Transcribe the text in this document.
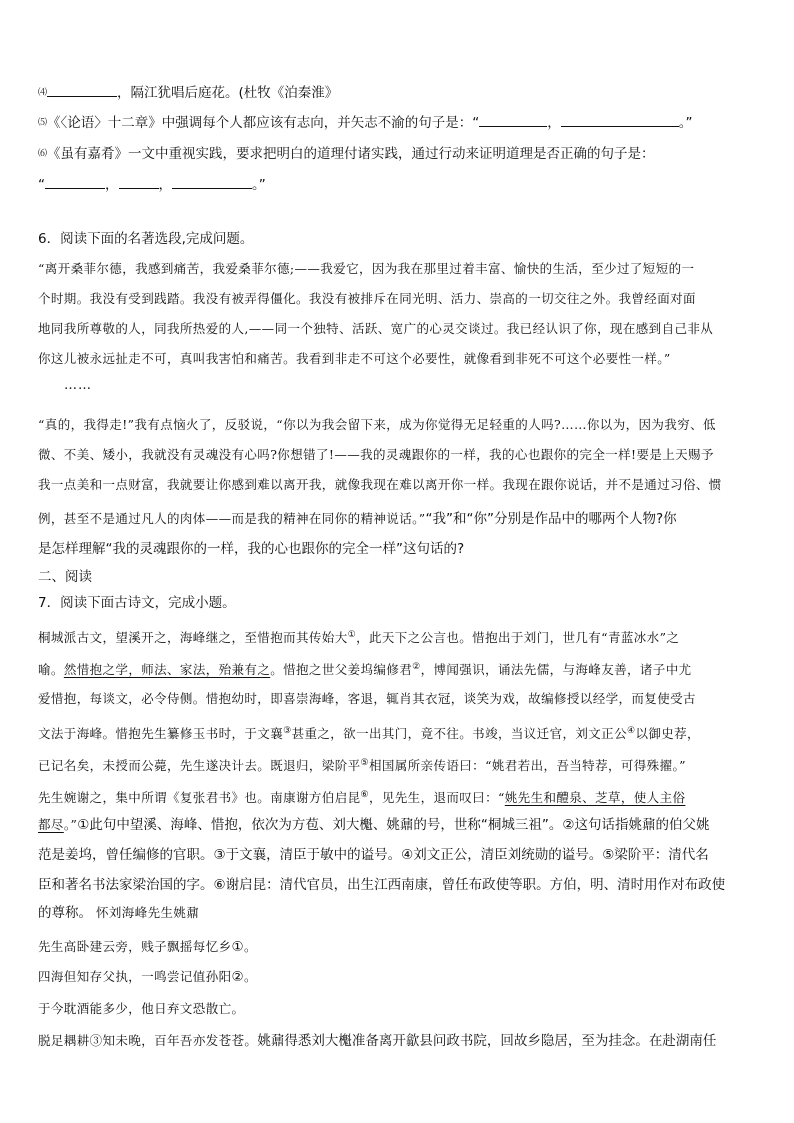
⑷	，隔江犹唱后庭花。(杜牧《泊秦淮》
⑸《〈论语〉十二章》中强调每个人都应该有志向，并矢志不渝的句子是：“	，	。”
⑹《虽有嘉肴》一文中重视实践，要求把明白的道理付诸实践，通过行动来证明道理是否正确的句子是：
“	，	，	。”
6．阅读下面的名著选段,完成问题。
“离开桑菲尔德，我感到痛苦，我爱桑菲尔德;——我爱它，因为我在那里过着丰富、愉快的生活，至少过了短短的一
个时期。我没有受到践踏。我没有被弄得僵化。我没有被排斥在同光明、活力、崇高的一切交往之外。我曾经面对面
地同我所尊敬的人，同我所热爱的人,——同一个独特、活跃、宽广的心灵交谈过。我已经认识了你，现在感到自己非从
你这儿被永远扯走不可，真叫我害怕和痛苦。我看到非走不可这个必要性，就像看到非死不可这个必要性一样。”
……
“真的，我得走!”我有点恼火了，反驳说，“你以为我会留下来，成为你觉得无足轻重的人吗?……你以为，因为我穷、低
微、不美、矮小，我就没有灵魂没有心吗?你想错了!——我的灵魂跟你的一样，我的心也跟你的完全一样!要是上天赐予
我一点美和一点财富，我就要让你感到难以离开我，就像我现在难以离开你一样。我现在跟你说话，并不是通过习俗、惯
例，甚至不是通过凡人的肉体——而是我的精神在同你的精神说话。”“我”和“你”分别是作品中的哪两个人物?你
是怎样理解“我的灵魂跟你的一样，我的心也跟你的完全一样”这句话的?
二、阅读
7．阅读下面古诗文，完成小题。
桐城派古文，望溪开之，海峰继之，至惜抱而其传始大①，此天下之公言也。惜抱出于刘门，世几有“青蓝冰水”之
喻。然惜抱之学，师法、家法，殆兼有之。惜抱之世父姜坞编修君②，博闻强识，诵法先儒，与海峰友善，诸子中尤
爱惜抱，每谈文，必令侍侧。惜抱幼时，即喜崇海峰，客退，辄肖其衣冠，谈笑为戏，故编修授以经学，而复使受古
文法于海峰。惜抱先生纂修玉书时，于文襄③甚重之，欲一出其门，竟不往。书竣，当议迁官，刘文正公④以御史荐，
已记名矣，未授而公薨，先生遂决计去。既退归，梁阶平⑤相国属所亲传语曰：“姚君若出，吾当特荐，可得殊擢。”
先生婉谢之，集中所谓《复张君书》也。南康谢方伯启昆⑥，见先生，退而叹曰：“姚先生和醴泉、芝草，使人主俗
都尽。”①此句中望溪、海峰、惜抱，依次为方苞、刘大櫆、姚鼐的号，世称“桐城三祖”。②这句话指姚鼐的伯父姚
范是姜坞，曾任编修的官职。③于文襄，清臣于敏中的谥号。④刘文正公，清臣刘统勋的谥号。⑤梁阶平：清代名
臣和著名书法家梁治国的字。⑥谢启昆：清代官员，出生江西南康，曾任布政使等职。方伯，明、清时用作对布政使
的尊称。 怀刘海峰先生姚鼐
先生高卧建云旁，贱子飘摇每忆乡①。
四海但知存父执，一鸣尝记值孙阳②。
于今耽酒能多少，他日弃文恐散亡。
脱足耦耕③知未晚，百年吾亦发苍苍。姚鼐得悉刘大櫆准备离开歙县问政书院，回故乡隐居，至为挂念。在赴湖南任
